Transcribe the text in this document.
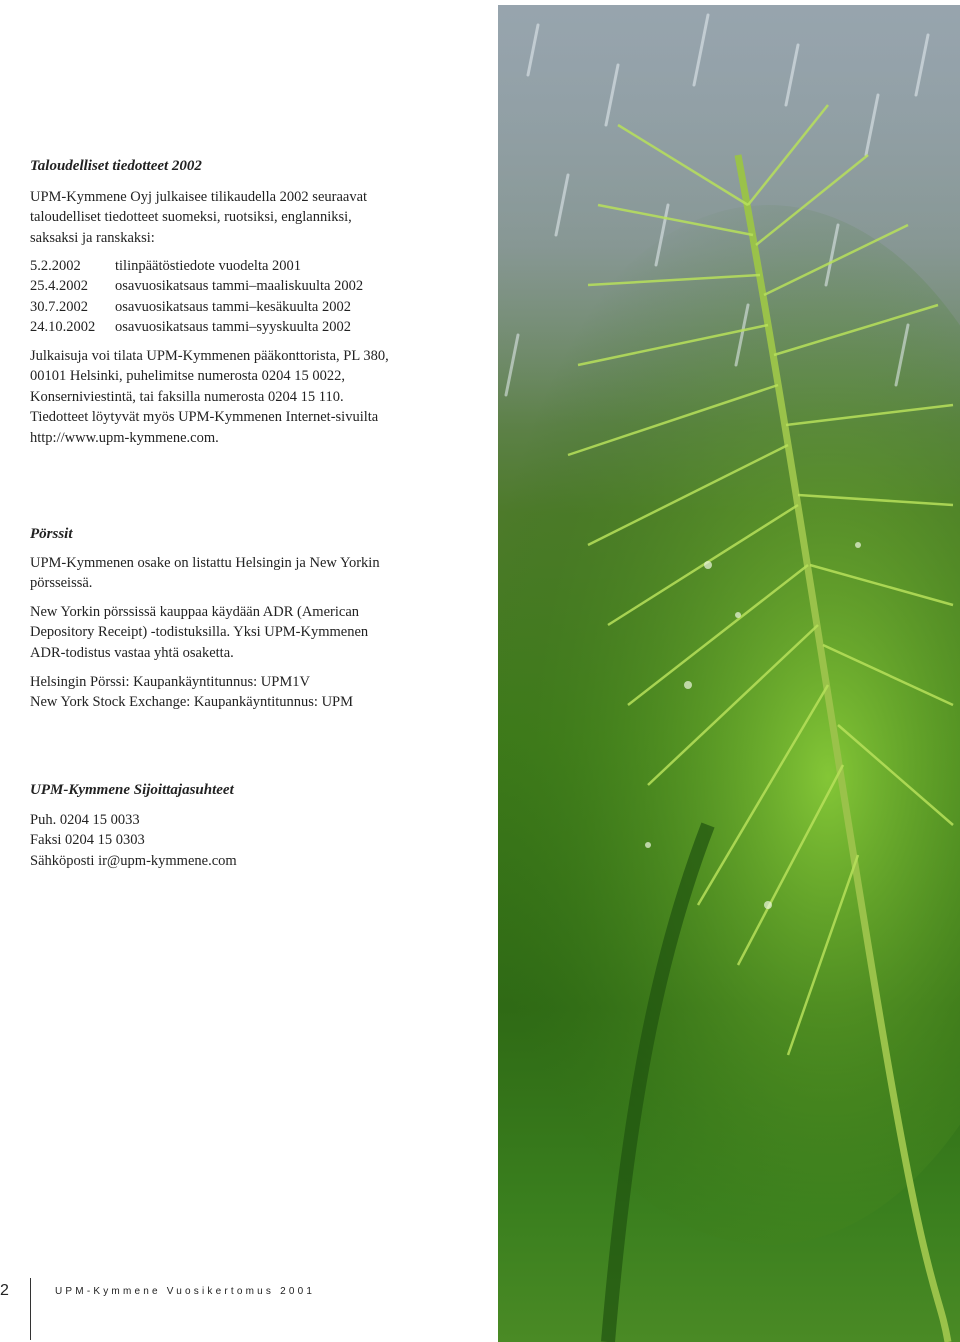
Taloudelliset tiedotteet 2002

UPM-Kymmene Oyj julkaisee tilikaudella 2002 seuraavat

taloudelliset tiedotteet suomeksi, ruotsiksi, englanniksi,

saksaksi ja ranskaksi:

5.2.2002	tilinpäätöstiedote vuodelta 2001
25.4.2002	osavuosikatsaus tammi–maaliskuulta 2002
30.7.2002	osavuosikatsaus tammi–kesäkuulta 2002
24.10.2002	osavuosikatsaus tammi–syyskuulta 2002

Julkaisuja voi tilata UPM-Kymmenen pääkonttorista, PL 380,

00101 Helsinki, puhelimitse numerosta 0204 15 0022,

Konserniviestintä, tai faksilla numerosta 0204 15 110.

Tiedotteet löytyvät myös UPM-Kymmenen Internet-sivuilta

http://www.upm-kymmene.com.

Pörssit

UPM-Kymmenen osake on listattu Helsingin ja New Yorkin

pörsseissä.

New Yorkin pörssissä kauppaa käydään ADR (American

Depository Receipt) -todistuksilla. Yksi UPM-Kymmenen

ADR-todistus vastaa yhtä osaketta.

Helsingin Pörssi: Kaupankäyntitunnus: UPM1V

New York Stock Exchange: Kaupankäyntitunnus: UPM

UPM-Kymmene Sijoittajasuhteet

Puh. 0204 15 0033

Faksi 0204 15 0303

Sähköposti ir@upm-kymmene.com

2	UPM-Kymmene Vuosikertomus 2001
